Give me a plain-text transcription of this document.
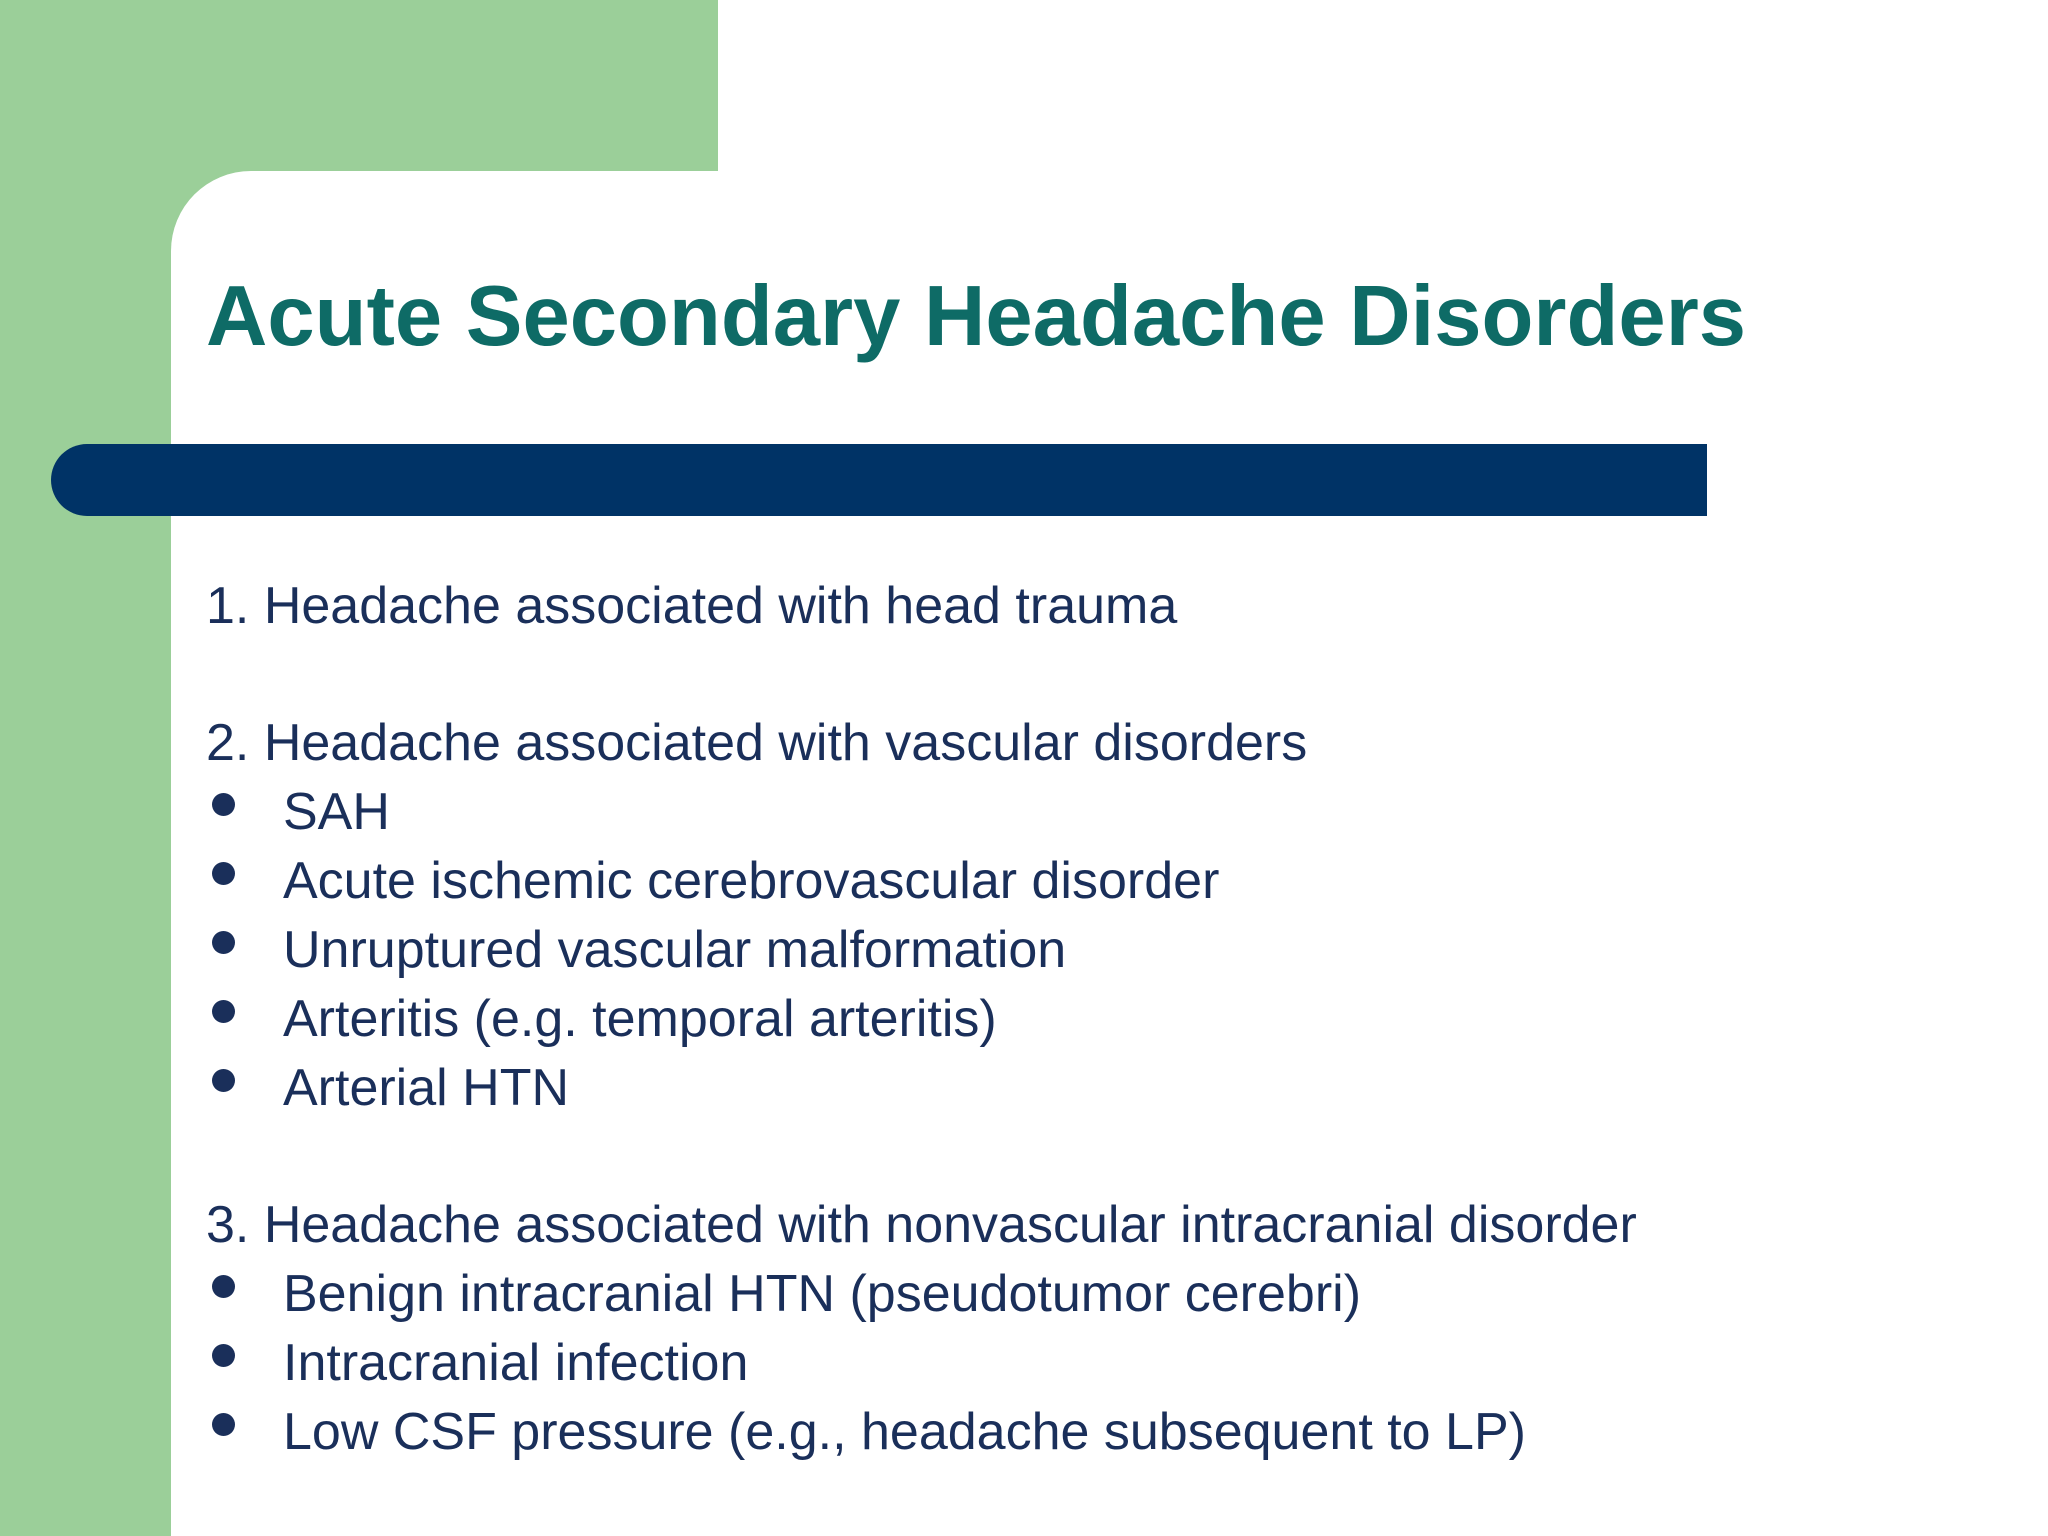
Acute Secondary Headache Disorders
1. Headache associated with head trauma
2. Headache associated with vascular disorders
SAH
Acute ischemic cerebrovascular disorder
Unruptured vascular malformation
Arteritis (e.g. temporal arteritis)
Arterial HTN
3. Headache associated with nonvascular intracranial disorder
Benign intracranial HTN (pseudotumor cerebri)
Intracranial infection
Low CSF pressure (e.g., headache subsequent to LP)
